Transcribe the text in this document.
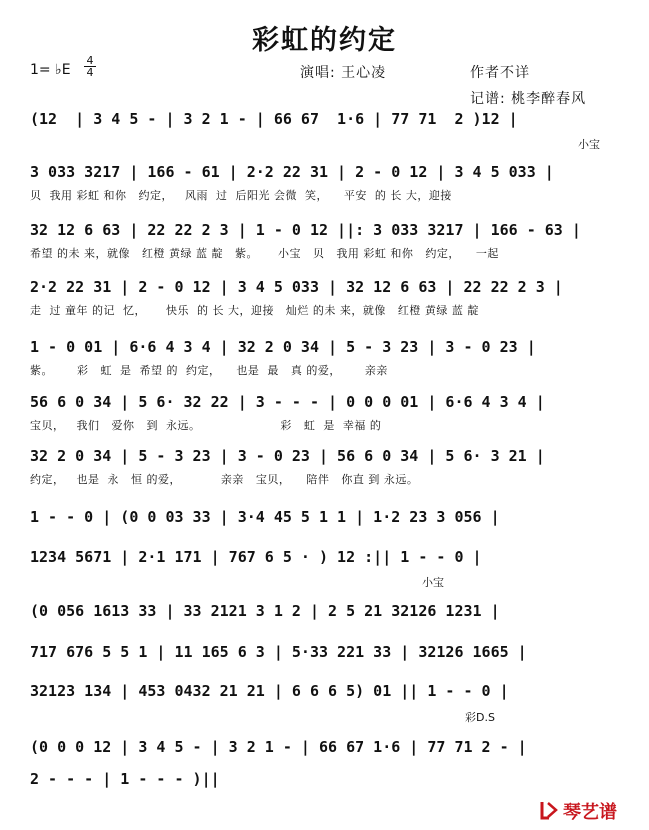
彩虹的约定
1= ♭E
4
4	演唱: 王心凌	作者不详
记谱: 桃李醉春风
(12  | 3 4 5 - | 3 2 1 - | 66 67  1·6 | 77 71  2 )12 |
小宝
3 033 3217 | 166 - 61 | 2·2 22 31 | 2 - 0 12 | 3 4 5 033 |
贝  我用 彩虹 和你   约定，   风雨  过  后阳光 会微  笑，    平安  的 长 大，迎接
32 12 6 63 | 22 22 2 3 | 1 - 0 12 ||: 3 033 3217 | 166 - 63 |
希望 的未 来，就像   红橙 黄绿 蓝 靛   紫。     小宝   贝   我用 彩虹 和你   约定，    一起
2·2 22 31 | 2 - 0 12 | 3 4 5 033 | 32 12 6 63 | 22 22 2 3 |
走  过 童年 的记  忆，     快乐  的 长 大，迎接   灿烂 的未 来，就像   红橙 黄绿 蓝 靛
1 - 0 01 | 6·6 4 3 4 | 32 2 0 34 | 5 - 3 23 | 3 - 0 23 |
紫。      彩   虹  是  希望 的  约定，    也是  最   真 的爱，      亲亲
56 6 0 34 | 5 6· 32 22 | 3 - - - | 0 0 0 01 | 6·6 4 3 4 |
宝贝，   我们   爱你   到  永远。                    彩   虹  是  幸福 的
32 2 0 34 | 5 - 3 23 | 3 - 0 23 | 56 6 0 34 | 5 6· 3 21 |
约定，   也是  永   恒 的爱，          亲亲   宝贝，    陪伴   你直 到 永远。
1 - - 0 | (0 0 03 33 | 3·4 45 5 1 1 | 1·2 23 3 056 |
1234 5671 | 2·1 171 | 767 6 5 · ) 12 :|| 1 - - 0 |
小宝
(0 056 1613 33 | 33 2121 3 1 2 | 2 5 21 32126 1231 |
717 676 5 5 1 | 11 165 6 3 | 5·33 221 33 | 32126 1665 |
32123 134 | 453 0432 21 21 | 6 6 6 5) 01 || 1 - - 0 |
彩D.S
(0 0 0 12 | 3 4 5 - | 3 2 1 - | 66 67 1·6 | 77 71 2 - |
2 - - - | 1 - - - )||
琴艺谱
